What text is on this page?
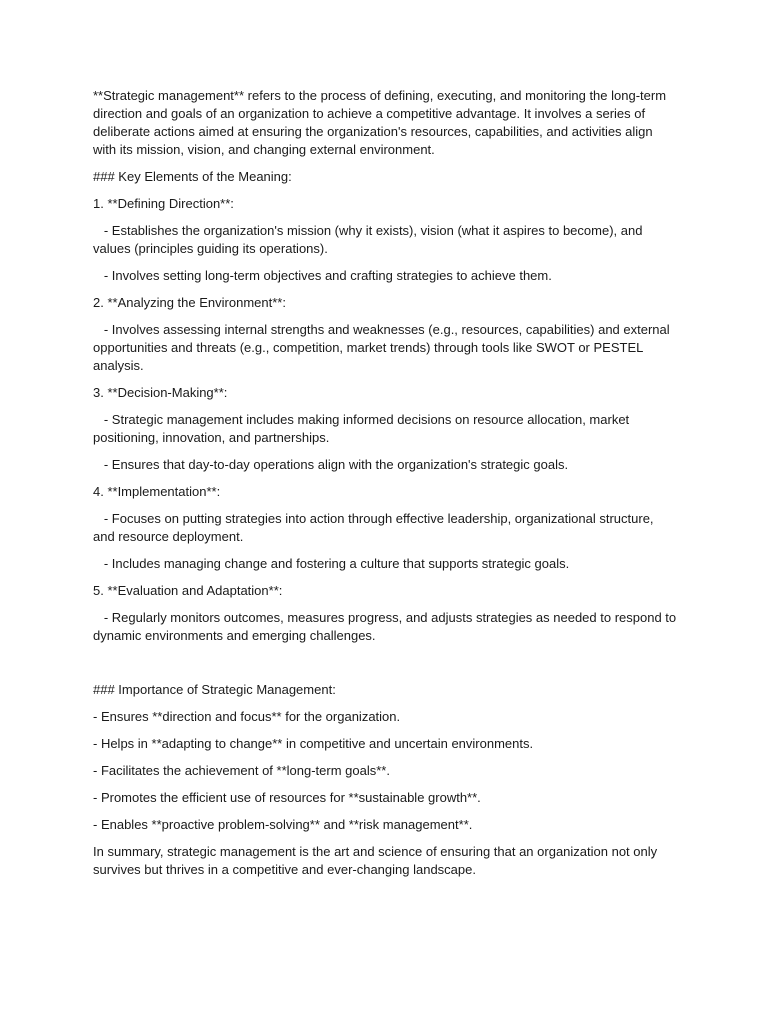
**Strategic management** refers to the process of defining, executing, and monitoring the long-term direction and goals of an organization to achieve a competitive advantage. It involves a series of deliberate actions aimed at ensuring the organization's resources, capabilities, and activities align with its mission, vision, and changing external environment.

### Key Elements of the Meaning:

1. **Defining Direction**:

- Establishes the organization's mission (why it exists), vision (what it aspires to become), and values (principles guiding its operations).

- Involves setting long-term objectives and crafting strategies to achieve them.

2. **Analyzing the Environment**:

- Involves assessing internal strengths and weaknesses (e.g., resources, capabilities) and external opportunities and threats (e.g., competition, market trends) through tools like SWOT or PESTEL analysis.

3. **Decision-Making**:

- Strategic management includes making informed decisions on resource allocation, market positioning, innovation, and partnerships.

- Ensures that day-to-day operations align with the organization's strategic goals.

4. **Implementation**:

- Focuses on putting strategies into action through effective leadership, organizational structure, and resource deployment.

- Includes managing change and fostering a culture that supports strategic goals.

5. **Evaluation and Adaptation**:

- Regularly monitors outcomes, measures progress, and adjusts strategies as needed to respond to dynamic environments and emerging challenges.

### Importance of Strategic Management:

- Ensures **direction and focus** for the organization.

- Helps in **adapting to change** in competitive and uncertain environments.

- Facilitates the achievement of **long-term goals**.

- Promotes the efficient use of resources for **sustainable growth**.

- Enables **proactive problem-solving** and **risk management**.

In summary, strategic management is the art and science of ensuring that an organization not only survives but thrives in a competitive and ever-changing landscape.
